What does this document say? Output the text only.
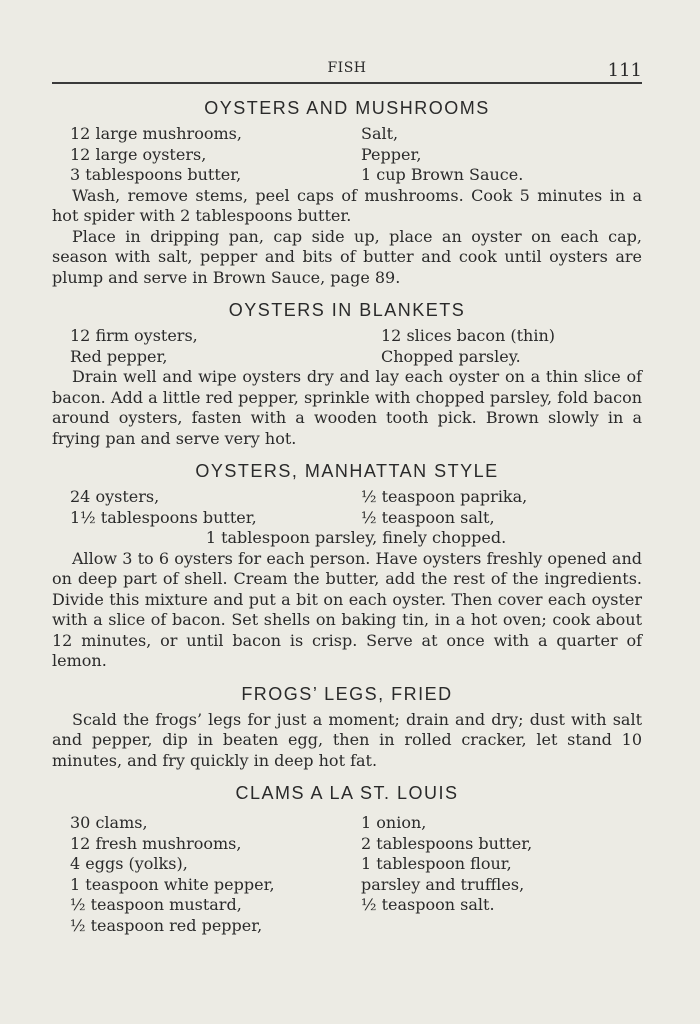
FISH	111
OYSTERS AND MUSHROOMS
12 large mushrooms,
12 large oysters,
3 tablespoons butter,
Salt,
Pepper,
1 cup Brown Sauce.

Wash, remove stems, peel caps of mushrooms. Cook 5 minutes in a hot spider with 2 tablespoons butter.

Place in dripping pan, cap side up, place an oyster on each cap, season with salt, pepper and bits of butter and cook until oysters are plump and serve in Brown Sauce, page 89.

OYSTERS IN BLANKETS
12 firm oysters,
Red pepper,
12 slices bacon (thin)
Chopped parsley.

Drain well and wipe oysters dry and lay each oyster on a thin slice of bacon. Add a little red pepper, sprinkle with chopped parsley, fold bacon around oysters, fasten with a wooden tooth pick. Brown slowly in a frying pan and serve very hot.

OYSTERS, MANHATTAN STYLE
24 oysters,
1½ tablespoons butter,
½ teaspoon paprika,
½ teaspoon salt,
1 tablespoon parsley, finely chopped.

Allow 3 to 6 oysters for each person. Have oysters freshly opened and on deep part of shell. Cream the butter, add the rest of the ingredients. Divide this mixture and put a bit on each oyster. Then cover each oyster with a slice of bacon. Set shells on baking tin, in a hot oven; cook about 12 minutes, or until bacon is crisp. Serve at once with a quarter of lemon.

FROGS’ LEGS, FRIED

Scald the frogs’ legs for just a moment; drain and dry; dust with salt and pepper, dip in beaten egg, then in rolled cracker, let stand 10 minutes, and fry quickly in deep hot fat.

CLAMS A LA ST. LOUIS
30 clams,
12 fresh mushrooms,
4 eggs (yolks),
1 teaspoon white pepper,
½ teaspoon mustard,
½ teaspoon red pepper,
1 onion,
2 tablespoons butter,
1 tablespoon flour,
parsley and truffles,
½ teaspoon salt.
